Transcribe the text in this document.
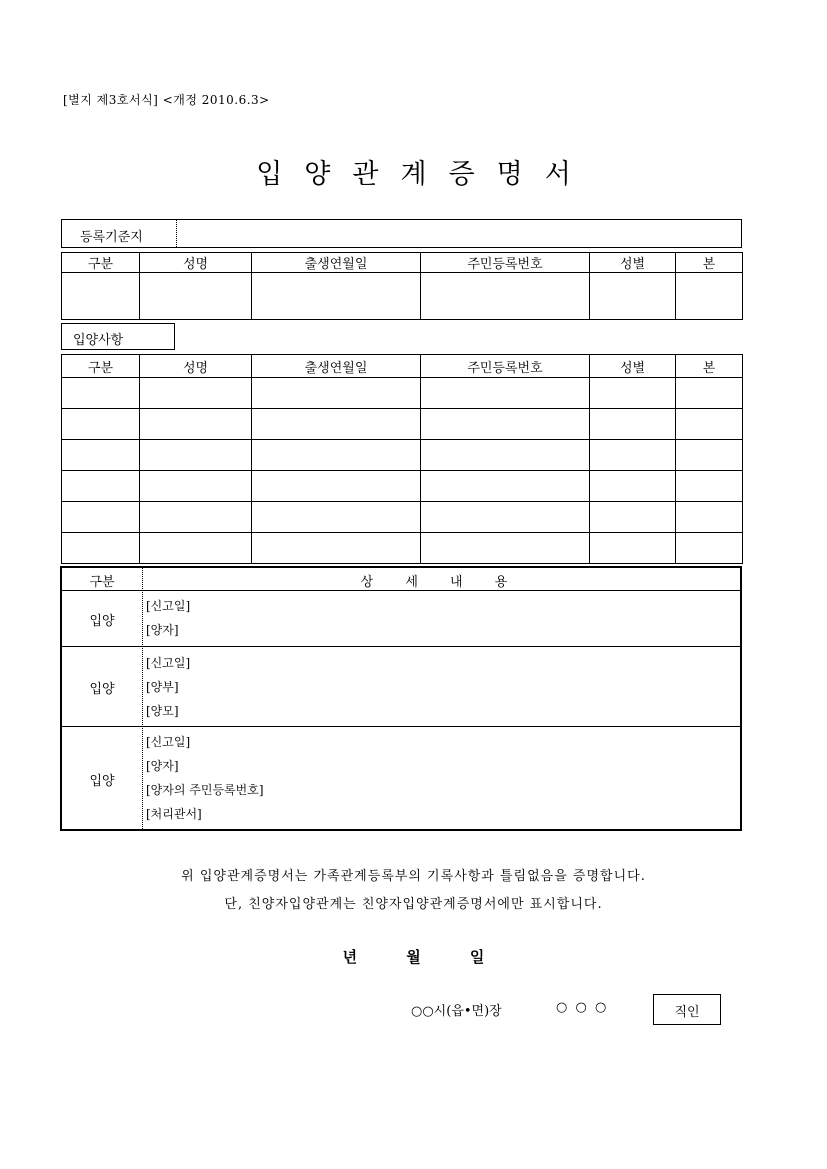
[별지 제3호서식] <개정 2010.6.3>
입양관계증명서
등록기준지
구분	성명	출생연월일	주민등록번호	성별	본

입양사항
구분	성명	출생연월일	주민등록번호	성별	본

구분	상 세 내 용
입양
[신고일]
[양자]
입양
[신고일]
[양부]
[양모]
입양
[신고일]
[양자]
[양자의 주민등록번호]
[처리관서]
위 입양관계증명서는 가족관계등록부의 기록사항과 틀림없음을 증명합니다.
단, 친양자입양관계는 친양자입양관계증명서에만 표시합니다.
년	월	일
○○시(읍•면)장	○ ○ ○	직인
